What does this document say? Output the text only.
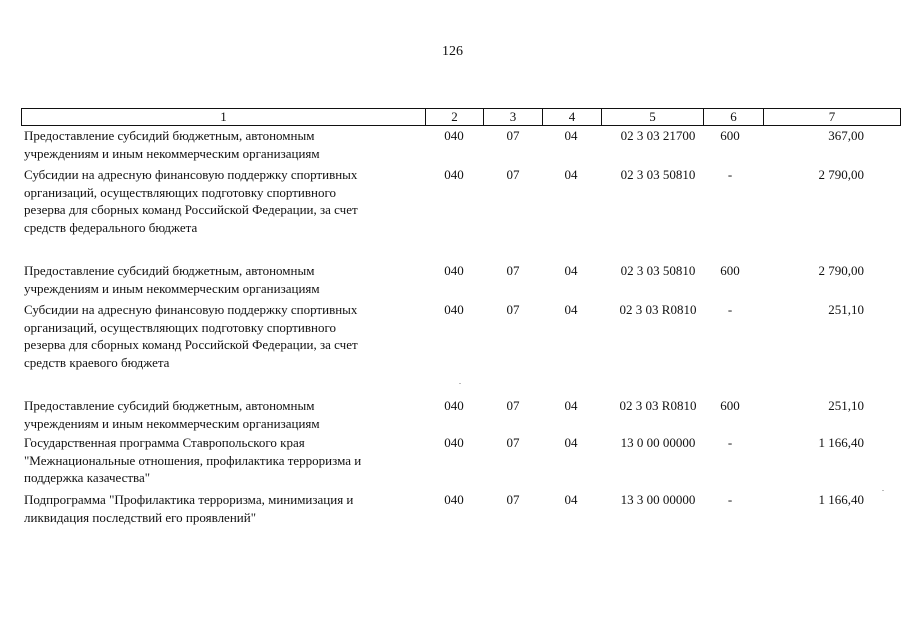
126
1	2	3	4	5	6	7
Предоставление субсидий бюджетным, автономным
учреждениям и иным некоммерческим организациям
040	07	04	02 3 03 21700	600	367,00
Субсидии на адресную финансовую поддержку спортивных
организаций, осуществляющих подготовку спортивного
резерва для сборных команд Российской Федерации, за счет
средств федерального бюджета
040	07	04	02 3 03 50810	-	2 790,00
Предоставление субсидий бюджетным, автономным
учреждениям и иным некоммерческим организациям
040	07	04	02 3 03 50810	600	2 790,00
Субсидии на адресную финансовую поддержку спортивных
организаций, осуществляющих подготовку спортивного
резерва для сборных команд Российской Федерации, за счет
средств краевого бюджета
040	07	04	02 3 03 R0810	-	251,10
Предоставление субсидий бюджетным, автономным
учреждениям и иным некоммерческим организациям
040	07	04	02 3 03 R0810	600	251,10
Государственная программа Ставропольского края
"Межнациональные отношения, профилактика терроризма и
поддержка казачества"
040	07	04	13 0 00 00000	-	1 166,40
Подпрограмма "Профилактика терроризма, минимизация и
ликвидация последствий его проявлений"
040	07	04	13 3 00 00000	-	1 166,40
